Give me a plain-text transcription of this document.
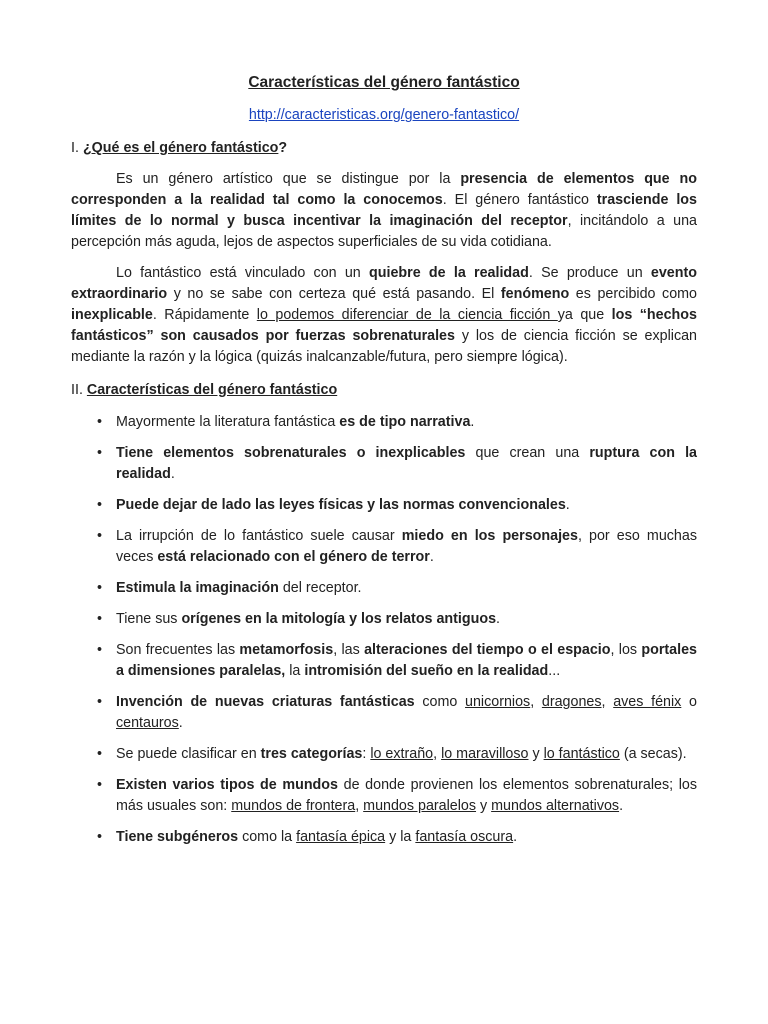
Características del género fantástico
http://caracteristicas.org/genero-fantastico/
I. ¿Qué es el género fantástico?

Es un género artístico que se distingue por la presencia de elementos que no corresponden a la realidad tal como la conocemos. El género fantástico trasciende los límites de lo normal y busca incentivar la imaginación del receptor, incitándolo a una percepción más aguda, lejos de aspectos superficiales de su vida cotidiana.

Lo fantástico está vinculado con un quiebre de la realidad. Se produce un evento extraordinario y no se sabe con certeza qué está pasando. El fenómeno es percibido como inexplicable. Rápidamente lo podemos diferenciar de la ciencia ficción ya que los “hechos fantásticos” son causados por fuerzas sobrenaturales y los de ciencia ficción se explican mediante la razón y la lógica (quizás inalcanzable/futura, pero siempre lógica).

II. Características del género fantástico
• Mayormente la literatura fantástica es de tipo narrativa.
• Tiene elementos sobrenaturales o inexplicables que crean una ruptura con la realidad.
• Puede dejar de lado las leyes físicas y las normas convencionales.
• La irrupción de lo fantástico suele causar miedo en los personajes, por eso muchas veces está relacionado con el género de terror.
• Estimula la imaginación del receptor.
• Tiene sus orígenes en la mitología y los relatos antiguos.
• Son frecuentes las metamorfosis, las alteraciones del tiempo o el espacio, los portales a dimensiones paralelas, la intromisión del sueño en la realidad...
• Invención de nuevas criaturas fantásticas como unicornios, dragones, aves fénix o centauros.
• Se puede clasificar en tres categorías: lo extraño, lo maravilloso y lo fantástico (a secas).
• Existen varios tipos de mundos de donde provienen los elementos sobrenaturales; los más usuales son: mundos de frontera, mundos paralelos y mundos alternativos.
• Tiene subgéneros como la fantasía épica y la fantasía oscura.
